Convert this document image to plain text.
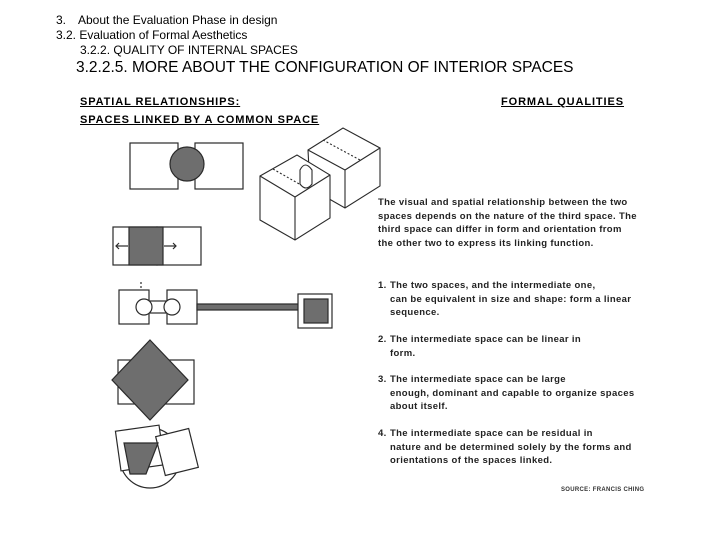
3. About the Evaluation Phase in design
3.2. Evaluation of Formal Aesthetics
3.2.2. QUALITY OF INTERNAL SPACES
3.2.2.5. MORE ABOUT THE CONFIGURATION OF INTERIOR SPACES
SPATIAL RELATIONSHIPS:
SPACES LINKED BY A COMMON SPACE
FORMAL QUALITIES
The visual and spatial relationship between the two spaces depends on the nature of the third space. The third space can differ in form and orientation from the other two to express its linking function.
1. The two spaces, and the intermediate one,
can be equivalent in size and shape: form a linear sequence.
2. The intermediate space can be linear in
form.
3. The intermediate space can be large
enough, dominant and capable to organize spaces about itself.
4. The intermediate space can be residual in
nature and be determined solely by the forms and orientations of the spaces linked.
SOURCE: FRANCIS CHING
